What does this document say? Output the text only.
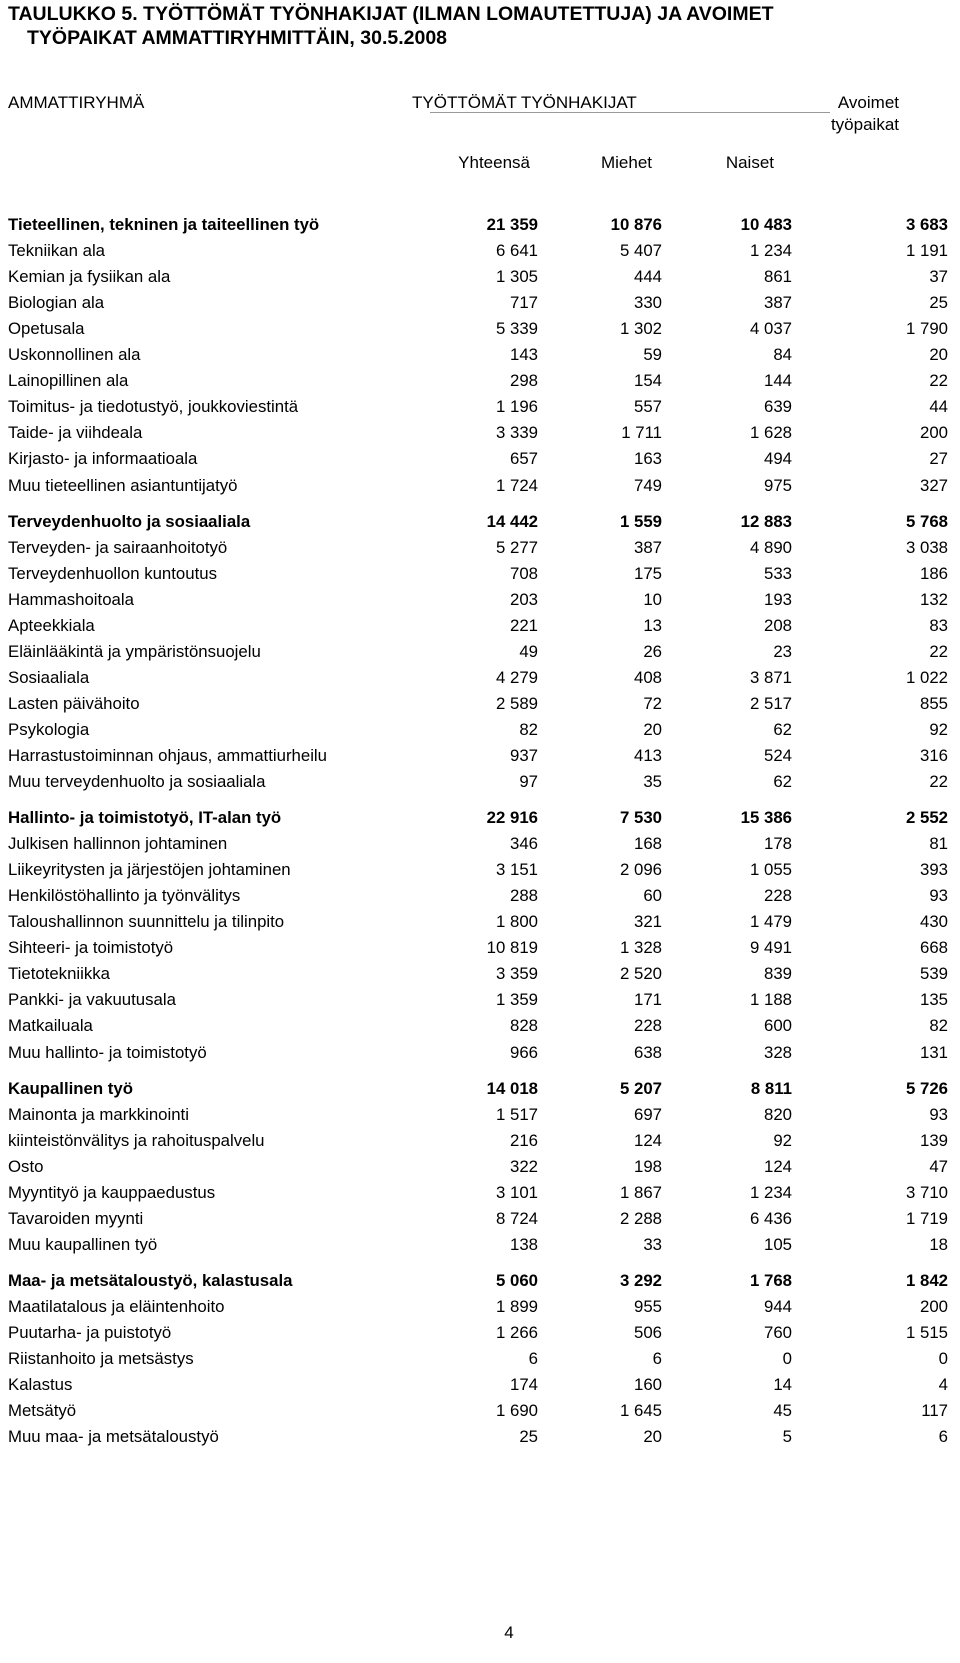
TAULUKKO 5. TYÖTTÖMÄT TYÖNHAKIJAT (ILMAN LOMAUTETTUJA) JA AVOIMET
TYÖPAIKAT AMMATTIRYHMITTÄIN, 30.5.2008
AMMATTIRYHMÄ	TYÖTTÖMÄT TYÖNHAKIJAT	Avoimet
työpaikat
Yhteensä	Miehet	Naiset
Tieteellinen, tekninen ja taiteellinen työ	21 359	10 876	10 483	3 683
Tekniikan ala	6 641	5 407	1 234	1 191
Kemian ja fysiikan ala	1 305	444	861	37
Biologian ala	717	330	387	25
Opetusala	5 339	1 302	4 037	1 790
Uskonnollinen ala	143	59	84	20
Lainopillinen ala	298	154	144	22
Toimitus- ja tiedotustyö, joukkoviestintä	1 196	557	639	44
Taide- ja viihdeala	3 339	1 711	1 628	200
Kirjasto- ja informaatioala	657	163	494	27
Muu tieteellinen asiantuntijatyö	1 724	749	975	327
Terveydenhuolto ja sosiaaliala	14 442	1 559	12 883	5 768
Terveyden- ja sairaanhoitotyö	5 277	387	4 890	3 038
Terveydenhuollon kuntoutus	708	175	533	186
Hammashoitoala	203	10	193	132
Apteekkiala	221	13	208	83
Eläinlääkintä ja ympäristönsuojelu	49	26	23	22
Sosiaaliala	4 279	408	3 871	1 022
Lasten päivähoito	2 589	72	2 517	855
Psykologia	82	20	62	92
Harrastustoiminnan ohjaus, ammattiurheilu	937	413	524	316
Muu terveydenhuolto ja sosiaaliala	97	35	62	22
Hallinto- ja toimistotyö, IT-alan työ	22 916	7 530	15 386	2 552
Julkisen hallinnon johtaminen	346	168	178	81
Liikeyritysten ja järjestöjen johtaminen	3 151	2 096	1 055	393
Henkilöstöhallinto ja työnvälitys	288	60	228	93
Taloushallinnon suunnittelu ja tilinpito	1 800	321	1 479	430
Sihteeri- ja toimistotyö	10 819	1 328	9 491	668
Tietotekniikka	3 359	2 520	839	539
Pankki- ja vakuutusala	1 359	171	1 188	135
Matkailuala	828	228	600	82
Muu hallinto- ja toimistotyö	966	638	328	131
Kaupallinen työ	14 018	5 207	8 811	5 726
Mainonta ja markkinointi	1 517	697	820	93
kiinteistönvälitys ja rahoituspalvelu	216	124	92	139
Osto	322	198	124	47
Myyntityö ja kauppaedustus	3 101	1 867	1 234	3 710
Tavaroiden myynti	8 724	2 288	6 436	1 719
Muu kaupallinen työ	138	33	105	18
Maa- ja metsätaloustyö, kalastusala	5 060	3 292	1 768	1 842
Maatilatalous ja eläintenhoito	1 899	955	944	200
Puutarha- ja puistotyö	1 266	506	760	1 515
Riistanhoito ja metsästys	6	6	0	0
Kalastus	174	160	14	4
Metsätyö	1 690	1 645	45	117
Muu maa- ja metsätaloustyö	25	20	5	6
4
